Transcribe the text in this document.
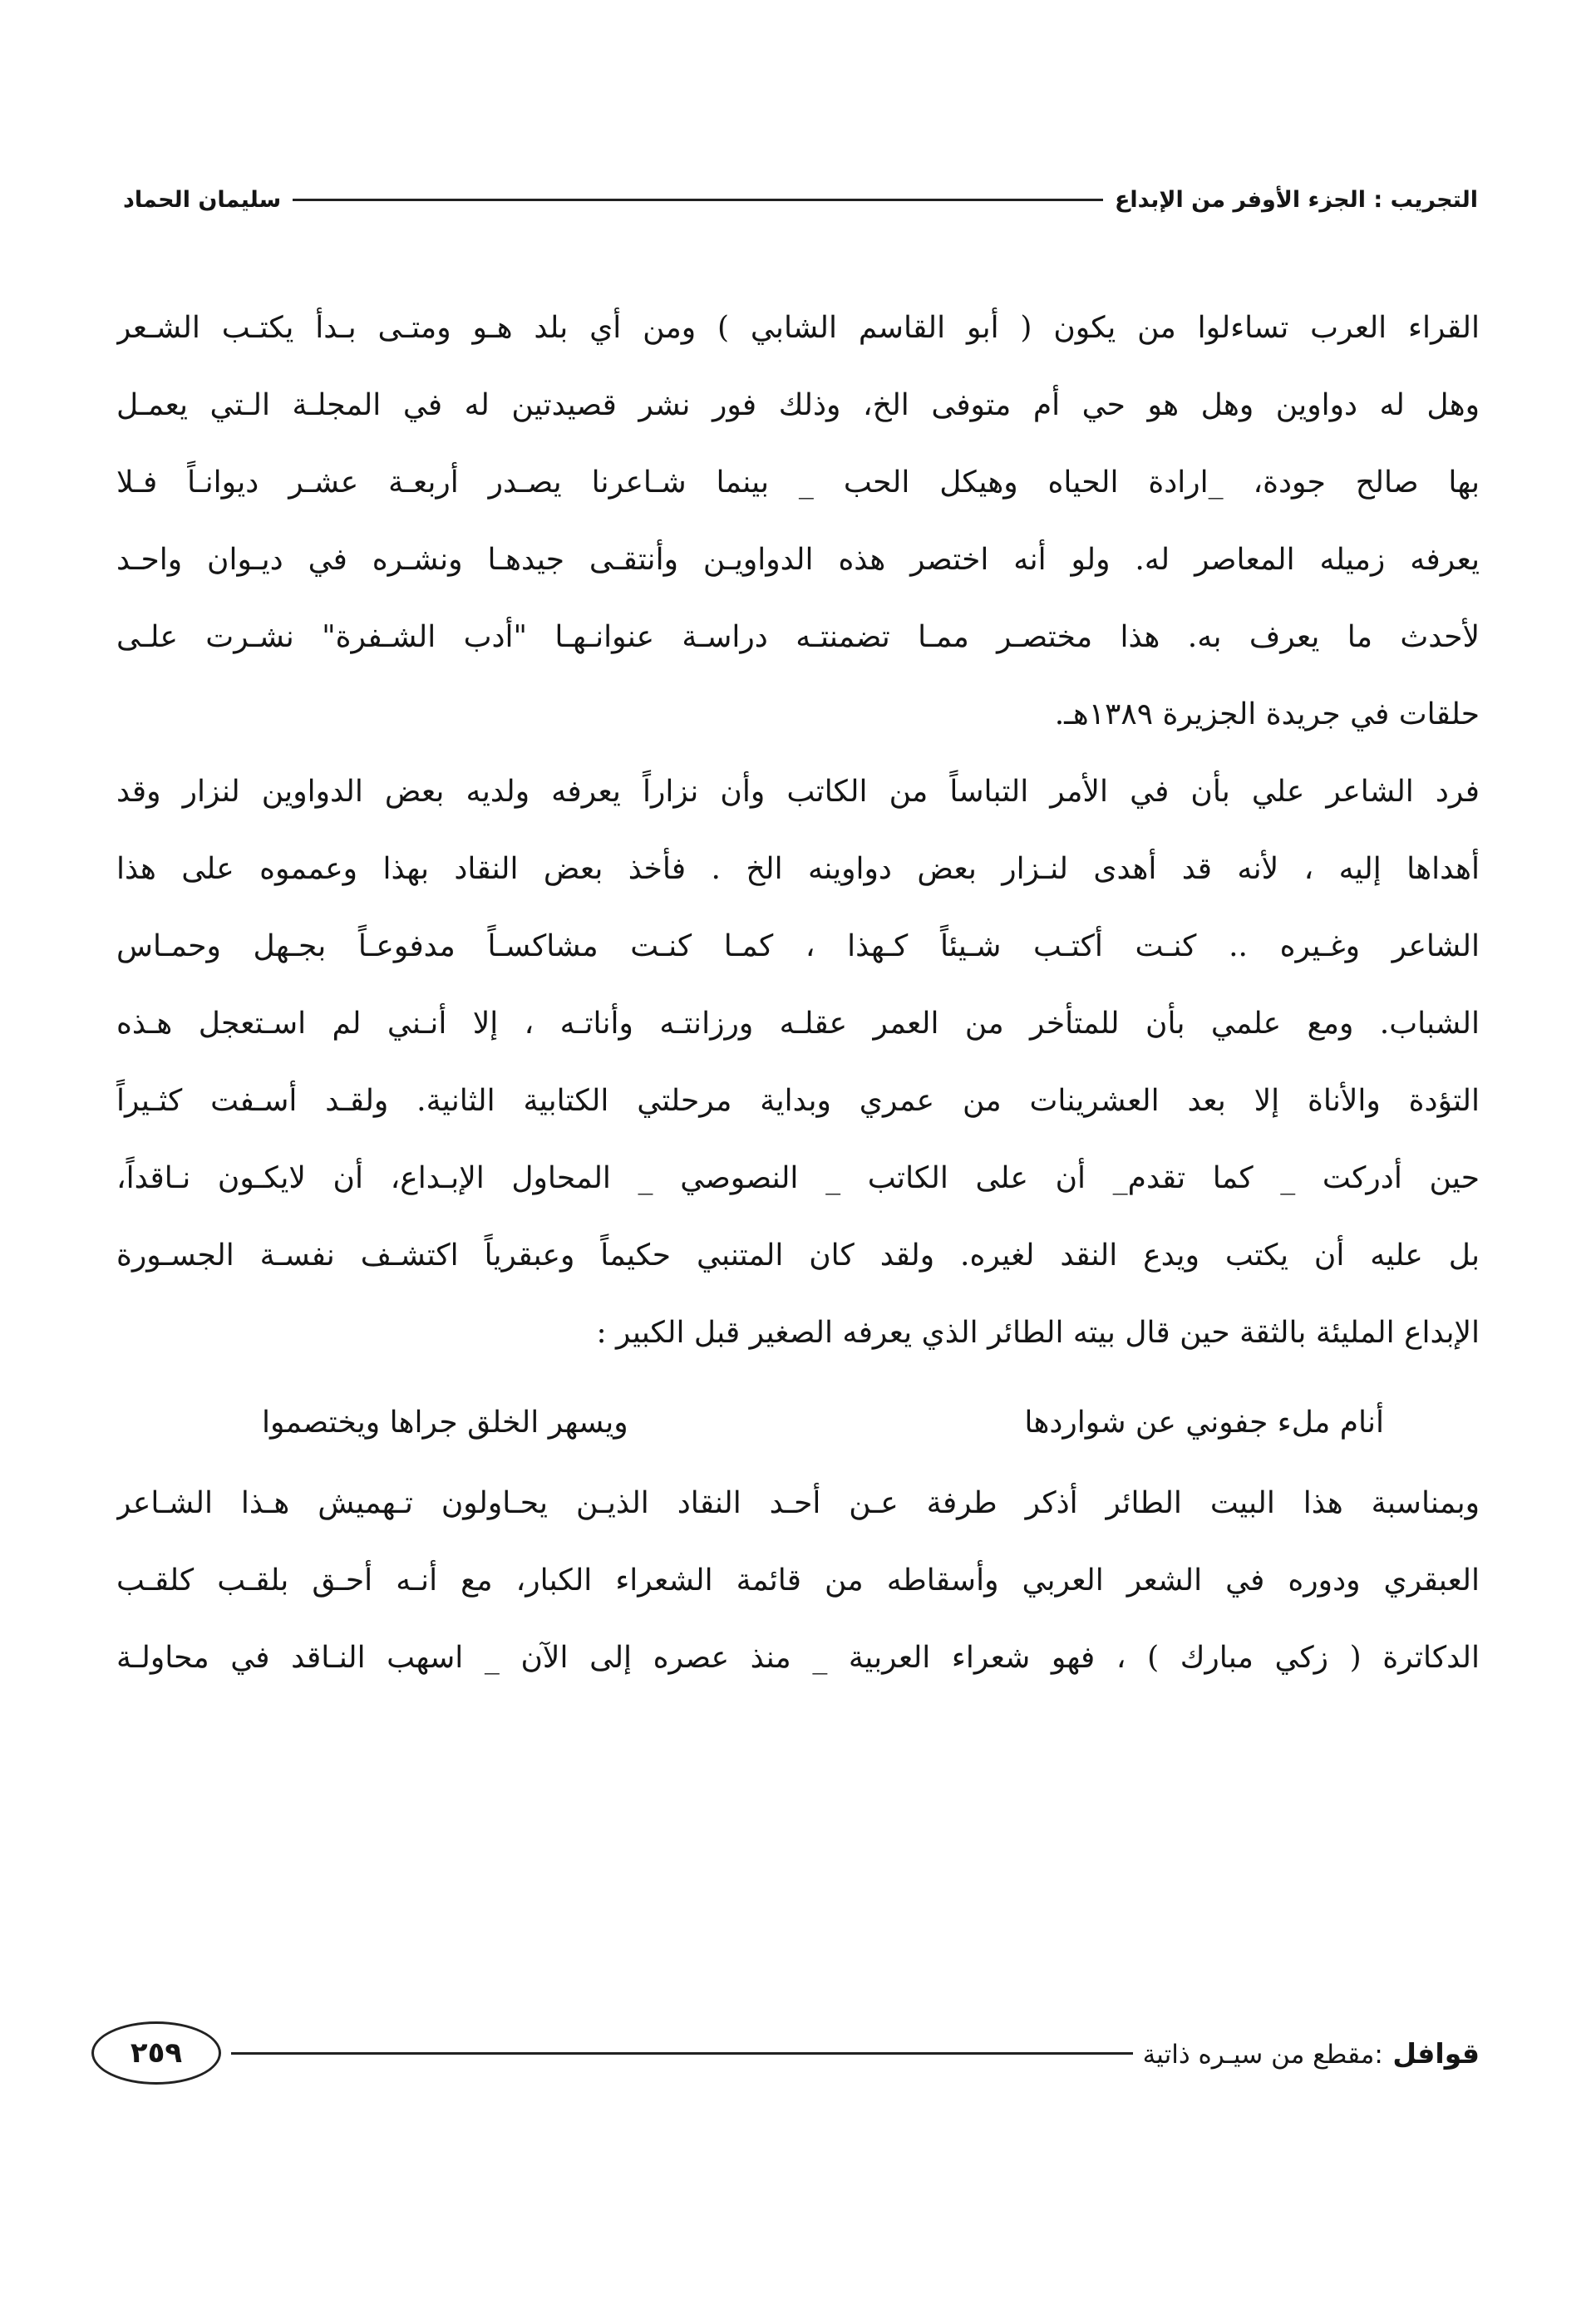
التجريب : الجزء الأوفر من الإبداع
سليمان الحماد
القراء العرب تساءلوا من يكون ( أبو القاسم الشابي ) ومن أي بلد هـو ومتـى بـدأ يكتـب الشـعر
وهل له دواوين وهل هو حي أم متوفى الخ، وذلك فور نشر قصيدتين له في المجلـة الـتي يعمـل
بها صالح جودة، _ارادة الحياه وهيكل الحب _ بينما شـاعرنا يصـدر أربعـة عشـر ديوانـاً فـلا
يعرفه زميله المعاصر له. ولو أنه اختصر هذه الدواويـن وأنتقـى جيدهـا ونشـره في ديـوان واحـد
لأحدث ما يعرف به. هذا مختصـر ممـا تضمنتـه دراسـة عنوانـهـا "أدب الشـفرة" نشـرت علـى
حلقات في جريدة الجزيرة ١٣٨٩هـ.
فرد الشاعر علي بأن في الأمر التباساً من الكاتب وأن نزاراً يعرفه ولديه بعض الدواوين لنزار وقد
أهداها إليه ، لأنه قد أهدى لنـزار بعض دواوينه الخ . فأخذ بعض النقاد بهذا وعمموه على هذا
الشاعر وغـيره .. كنـت أكتـب شـيئاً كـهذا ، كمـا كنـت مشاكسـاً مدفوعـاً بجـهل وحمـاس
الشباب. ومع علمي بأن للمتأخر من العمر عقلـه ورزانتـه وأناتـه ، إلا أنـني لم اسـتعجل هـذه
التؤدة والأناة إلا بعد العشرينات من عمري وبداية مرحلتي الكتابية الثانية. ولقـد أسـفت كثـيراً
حين أدركت _ كما تقدم_ أن على الكاتب _ النصوصي _ المحاول الإبـداع، أن لايكـون نـاقداً،
بل عليه أن يكتب ويدع النقد لغيره. ولقد كان المتنبي حكيماً وعبقرياً اكتشـف نفسـة الجسـورة
الإبداع المليئة بالثقة حين قال بيته الطائر الذي يعرفه الصغير قبل الكبير :
أنام ملء جفوني عن شواردها
ويسهر الخلق جراها ويختصموا
وبمناسبة هذا البيت الطائر أذكر طرفة عـن أحـد النقاد الذيـن يحـاولون تـهميش هـذا الشـاعر
العبقري ودوره في الشعر العربي وأسقاطه من قائمة الشعراء الكبار، مع أنـه أحـق بلقـب كلقـب
الدكاترة ( زكي مبارك ) ، فهو شعراء العربية _ منذ عصره إلى الآن _ اسهب النـاقد في محاولـة
قوافل :مقطع من سيـره ذاتية
٢٥٩
